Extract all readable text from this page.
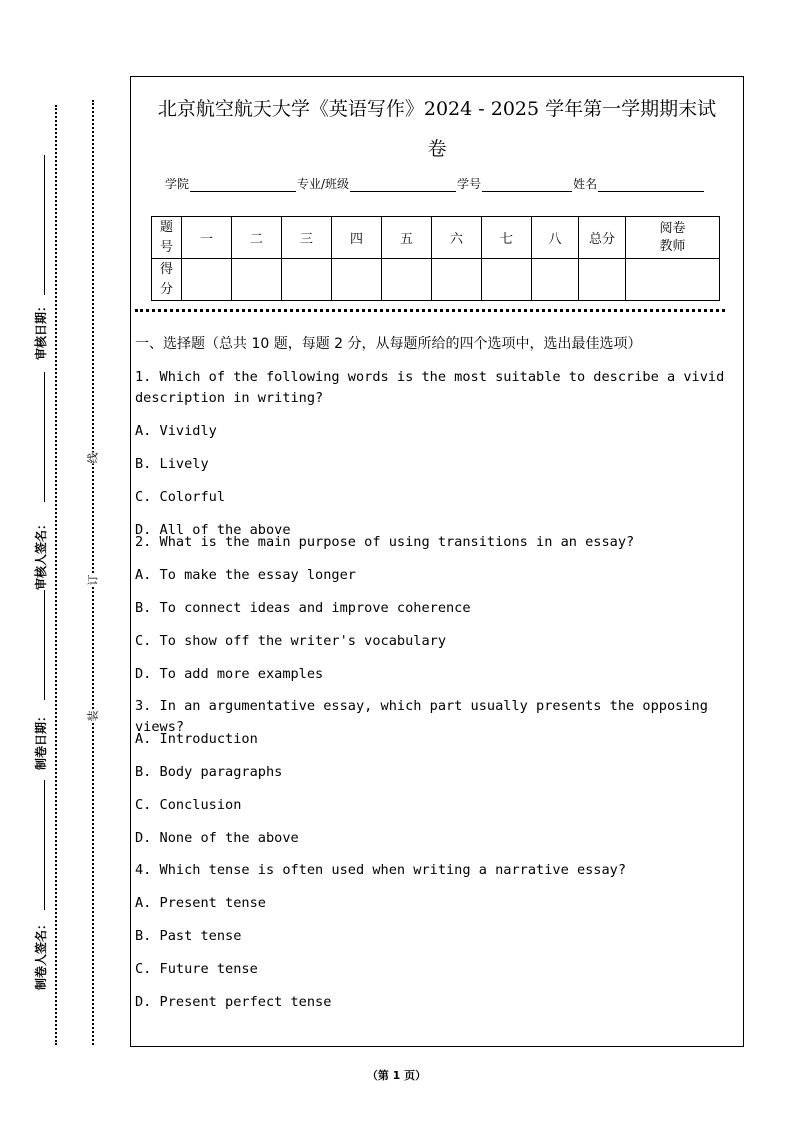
审核日期：
审核人签名：
制卷日期：
制卷人签名：
线
订
装
北京航空航天大学《英语写作》2024 - 2025 学年第一学期期末试
卷
学院	专业/班级	学号	姓名
题号	一	二	三	四	五	六	七	八	总分	阅卷教师

得分										

一、选择题（总共 10 题，每题 2 分，从每题所给的四个选项中，选出最佳选项）
1. Which of the following words is the most suitable to describe a vivid description in writing?
A. Vividly
B. Lively
C. Colorful
D. All of the above
2. What is the main purpose of using transitions in an essay?
A. To make the essay longer
B. To connect ideas and improve coherence
C. To show off the writer's vocabulary
D. To add more examples
3. In an argumentative essay, which part usually presents the opposing views?
A. Introduction
B. Body paragraphs
C. Conclusion
D. None of the above
4. Which tense is often used when writing a narrative essay?
A. Present tense
B. Past tense
C. Future tense
D. Present perfect tense
（第 1 页）
